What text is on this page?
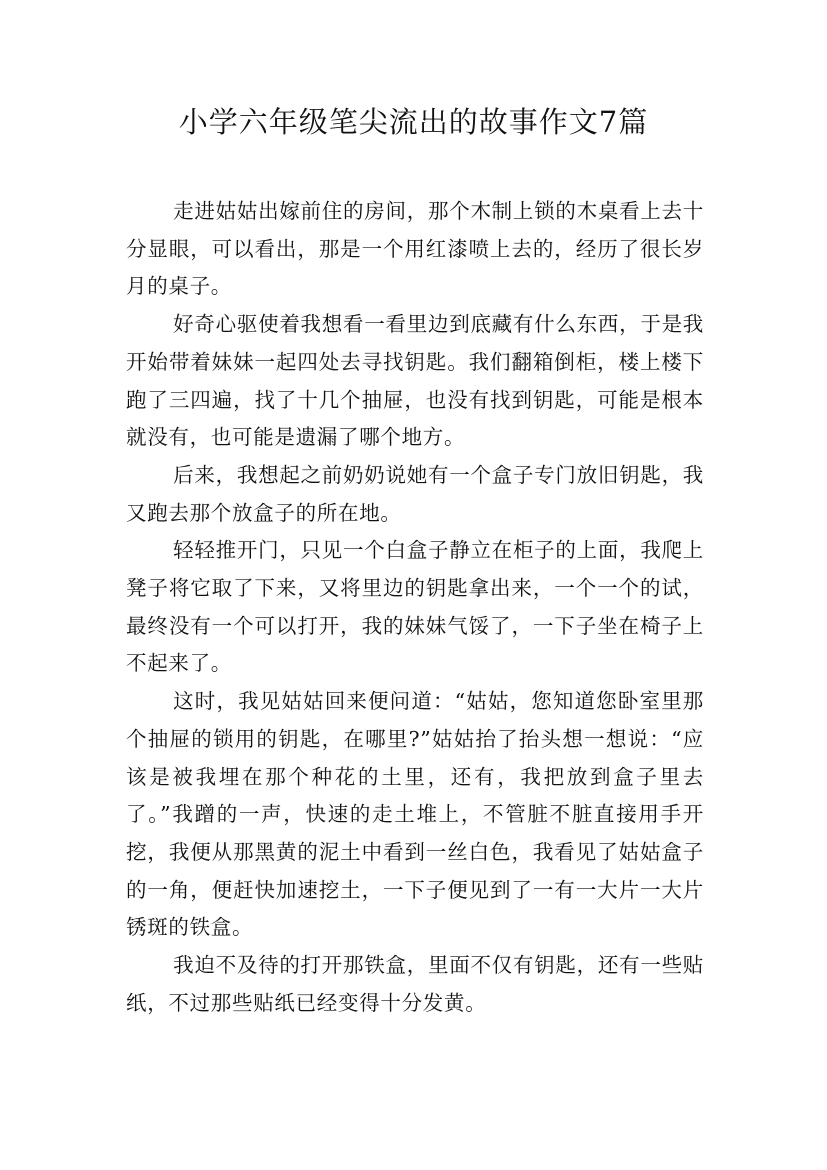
小学六年级笔尖流出的故事作文7篇

走进姑姑出嫁前住的房间，那个木制上锁的木桌看上去十分显眼，可以看出，那是一个用红漆喷上去的，经历了很长岁月的桌子。

好奇心驱使着我想看一看里边到底藏有什么东西，于是我开始带着妹妹一起四处去寻找钥匙。我们翻箱倒柜，楼上楼下跑了三四遍，找了十几个抽屉，也没有找到钥匙，可能是根本就没有，也可能是遗漏了哪个地方。

后来，我想起之前奶奶说她有一个盒子专门放旧钥匙，我又跑去那个放盒子的所在地。

轻轻推开门，只见一个白盒子静立在柜子的上面，我爬上凳子将它取了下来，又将里边的钥匙拿出来，一个一个的试，最终没有一个可以打开，我的妹妹气馁了，一下子坐在椅子上不起来了。

这时，我见姑姑回来便问道：“姑姑，您知道您卧室里那个抽屉的锁用的钥匙，在哪里?”姑姑抬了抬头想一想说：“应该是被我埋在那个种花的土里，还有，我把放到盒子里去了。”我蹭的一声，快速的走土堆上，不管脏不脏直接用手开挖，我便从那黑黄的泥土中看到一丝白色，我看见了姑姑盒子的一角，便赶快加速挖土，一下子便见到了一有一大片一大片锈斑的铁盒。

我迫不及待的打开那铁盒，里面不仅有钥匙，还有一些贴纸，不过那些贴纸已经变得十分发黄。
